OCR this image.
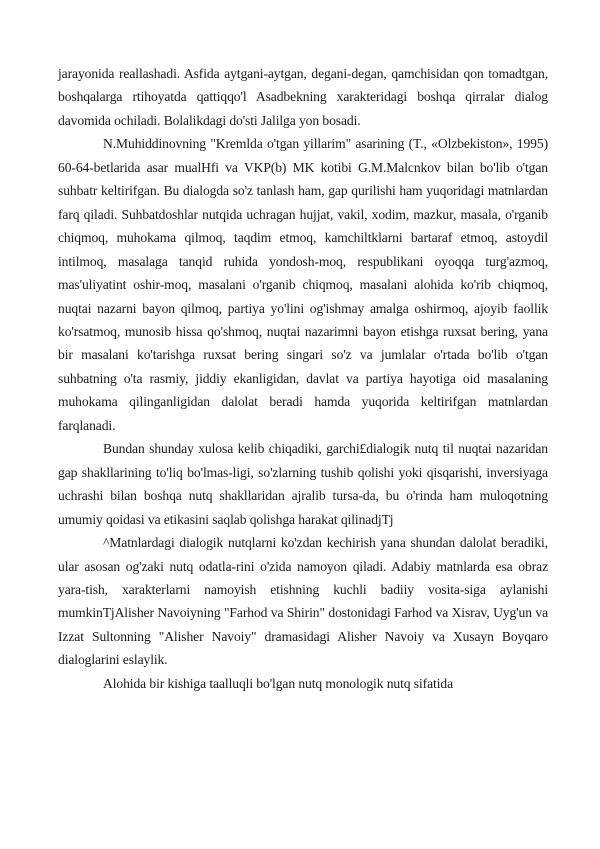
jarayonida reallashadi. Asfida aytgani-aytgan, degani-degan, qamchisidan qon tomadtgan, boshqalarga rtihoyatda qattiqqo'l Asadbekning xarakteridagi boshqa qirralar dialog davomida ochiladi. Bolalikdagi do'sti Jalilga yon bosadi.

N.Muhiddinovning "Kremlda o'tgan yillarim" asarining (T., «Olzbekiston», 1995) 60-64-betlarida asar mualHfi va VKP(b) MK kotibi G.M.Malcnkov bilan bo'lib o'tgan suhbatr keltirifgan. Bu dialogda so'z tanlash ham, gap qurilishi ham yuqoridagi matnlardan farq qiladi. Suhbatdoshlar nutqida uchragan hujjat, vakil, xodim, mazkur, masala, o'rganib chiqmoq, muhokama qilmoq, taqdim etmoq, kamchiltklarni bartaraf etmoq, astoydil intilmoq, masalaga tanqid ruhida yondosh-moq, respublikani oyoqqa turg'azmoq, mas'uliyatint oshir-moq, masalani o'rganib chiqmoq, masalani alohida ko'rib chiqmoq, nuqtai nazarni bayon qilmoq, partiya yo'lini og'ishmay amalga oshirmoq, ajoyib faollik ko'rsatmoq, munosib hissa qo'shmoq, nuqtai nazarimni bayon etishga ruxsat bering, yana bir masalani ko'tarishga ruxsat bering singari so'z va jumlalar o'rtada bo'lib o'tgan suhbatning o'ta rasmiy, jiddiy ekanligidan, davlat va partiya hayotiga oid masalaning muhokama qilinganligidan dalolat beradi hamda yuqorida keltirifgan matnlardan farqlanadi.

Bundan shunday xulosa kelib chiqadiki, garchi£dialogik nutq til nuqtai nazaridan gap shakllarining to'liq bo'lmas-ligi, so'zlarning tushib qolishi yoki qisqarishi, inversiyaga uchrashi bilan boshqa nutq shakllaridan ajralib tursa-da, bu o'rinda ham muloqotning umumiy qoidasi va etikasini saqlab qolishga harakat qilinadjTj

^Matnlardagi dialogik nutqlarni ko'zdan kechirish yana shundan dalolat beradiki, ular asosan og'zaki nutq odatla-rini o'zida namoyon qiladi. Adabiy matnlarda esa obraz yara-tish, xarakterlarni namoyish etishning kuchli badiiy vosita-siga aylanishi mumkinTjAlisher Navoiyning "Farhod va Shirin" dostonidagi Farhod va Xisrav, Uyg'un va Izzat Sultonning "Alisher Navoiy" dramasidagi Alisher Navoiy va Xusayn Boyqaro dialoglarini eslaylik.

Alohida bir kishiga taalluqli bo'lgan nutq monologik nutq sifatida
